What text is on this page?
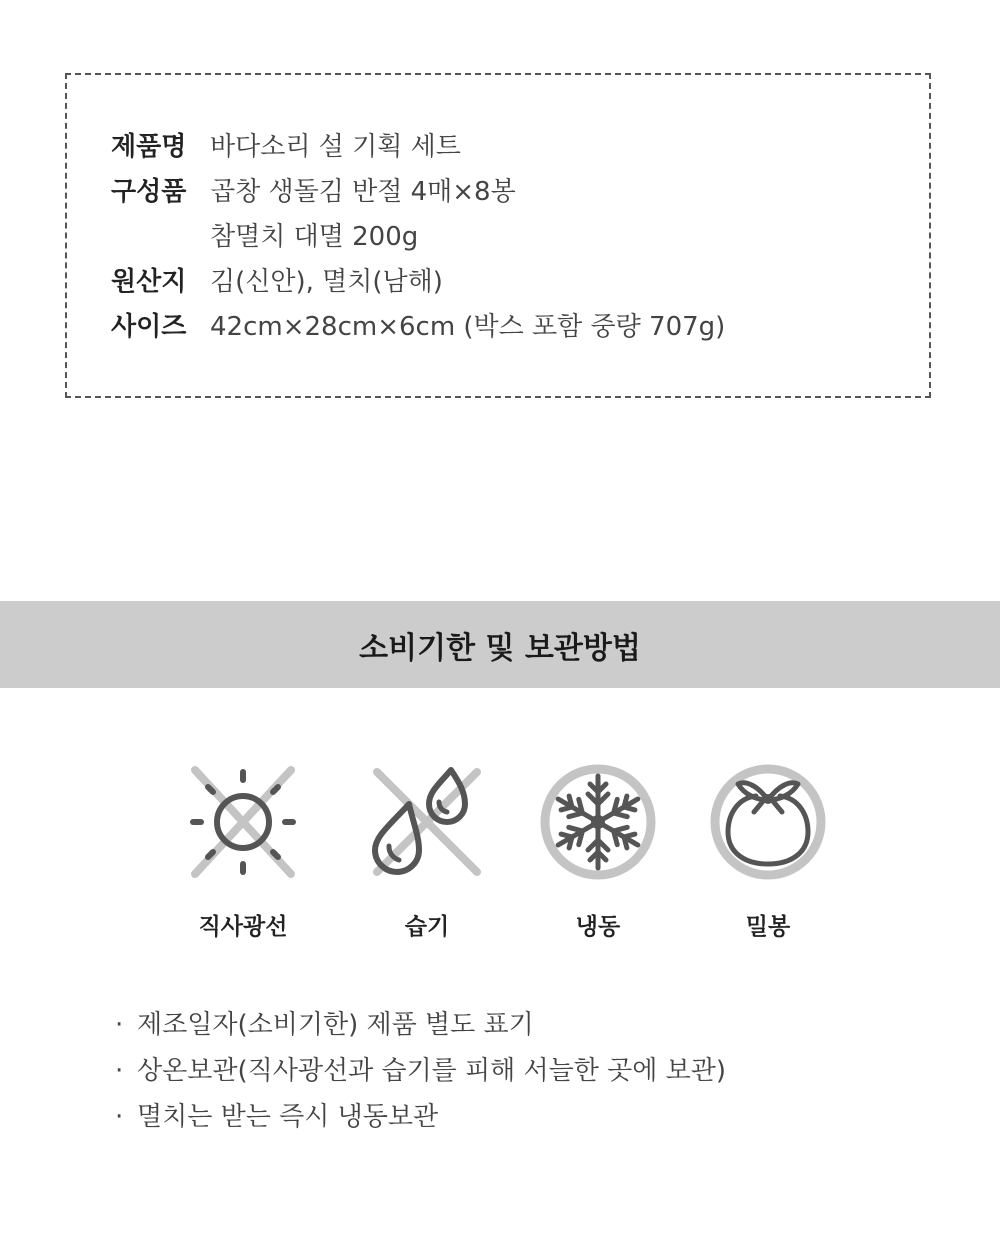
제품명 바다소리 설 기획 세트
구성품 곱창 생돌김 반절 4매×8봉
참멸치 대멸 200g
원산지 김(신안), 멸치(남해)
사이즈 42cm×28cm×6cm (박스 포함 중량 707g)
소비기한 및 보관방법
직사광선	습기	냉동	밀봉
· 제조일자(소비기한) 제품 별도 표기
· 상온보관(직사광선과 습기를 피해 서늘한 곳에 보관)
· 멸치는 받는 즉시 냉동보관
